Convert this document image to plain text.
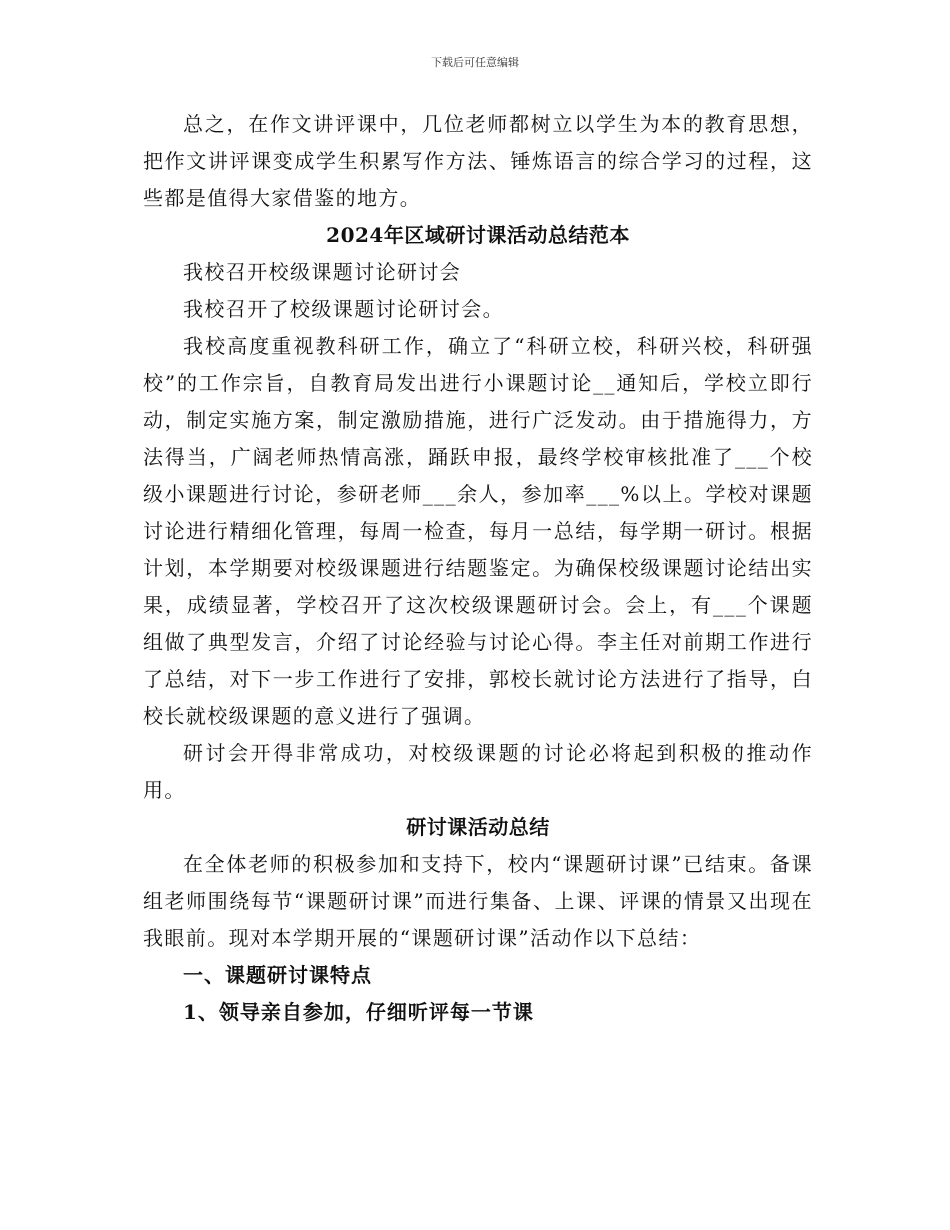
下载后可任意编辑

总之，在作文讲评课中，几位老师都树立以学生为本的教育思想，把作文讲评课变成学生积累写作方法、锤炼语言的综合学习的过程，这些都是值得大家借鉴的地方。

2024年区域研讨课活动总结范本

我校召开校级课题讨论研讨会

我校召开了校级课题讨论研讨会。

我校高度重视教科研工作，确立了“科研立校，科研兴校，科研强校”的工作宗旨，自教育局发出进行小课题讨论__通知后，学校立即行动，制定实施方案，制定激励措施，进行广泛发动。由于措施得力，方法得当，广阔老师热情高涨，踊跃申报，最终学校审核批准了___个校级小课题进行讨论，参研老师___余人，参加率___%以上。学校对课题讨论进行精细化管理，每周一检查，每月一总结，每学期一研讨。根据计划，本学期要对校级课题进行结题鉴定。为确保校级课题讨论结出实果，成绩显著，学校召开了这次校级课题研讨会。会上，有___个课题组做了典型发言，介绍了讨论经验与讨论心得。李主任对前期工作进行了总结，对下一步工作进行了安排，郭校长就讨论方法进行了指导，白校长就校级课题的意义进行了强调。

研讨会开得非常成功，对校级课题的讨论必将起到积极的推动作用。

研讨课活动总结

在全体老师的积极参加和支持下，校内“课题研讨课”已结束。备课组老师围绕每节“课题研讨课”而进行集备、上课、评课的情景又出现在我眼前。现对本学期开展的“课题研讨课”活动作以下总结：

一、课题研讨课特点
1、领导亲自参加，仔细听评每一节课
